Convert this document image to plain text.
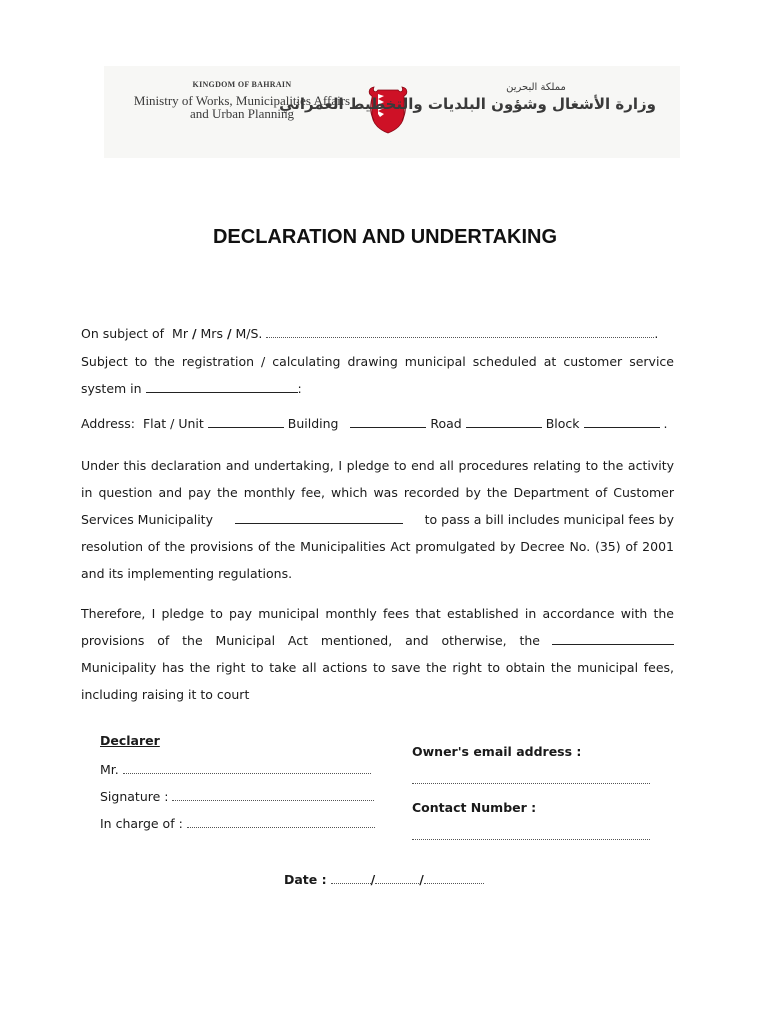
KINGDOM OF BAHRAIN
Ministry of Works, Municipalities Affairs
and Urban Planning
مملكة البحرين
وزارة الأشغال وشؤون البلديات والتخطيط العمراني
DECLARATION AND UNDERTAKING
On subject of Mr / Mrs / M/S.	.
Subject to the registration / calculating drawing municipal scheduled at customer service
system in	:
Address: Flat / Unit	Building	Road	Block	.
Under this declaration and undertaking, I pledge to end all procedures relating to the activity
in question and pay the monthly fee, which was recorded by the Department of Customer
Services Municipality	to pass a bill includes municipal fees by
resolution of the provisions of the Municipalities Act promulgated by Decree No. (35) of 2001
and its implementing regulations.
Therefore, I pledge to pay municipal monthly fees that established in accordance with the
provisions of the Municipal Act mentioned, and otherwise, the
Municipality has the right to take all actions to save the right to obtain the municipal fees,
including raising it to court
Declarer
Mr.
Signature :
In charge of :
Owner's email address :
Contact Number :
Date :	/	/
